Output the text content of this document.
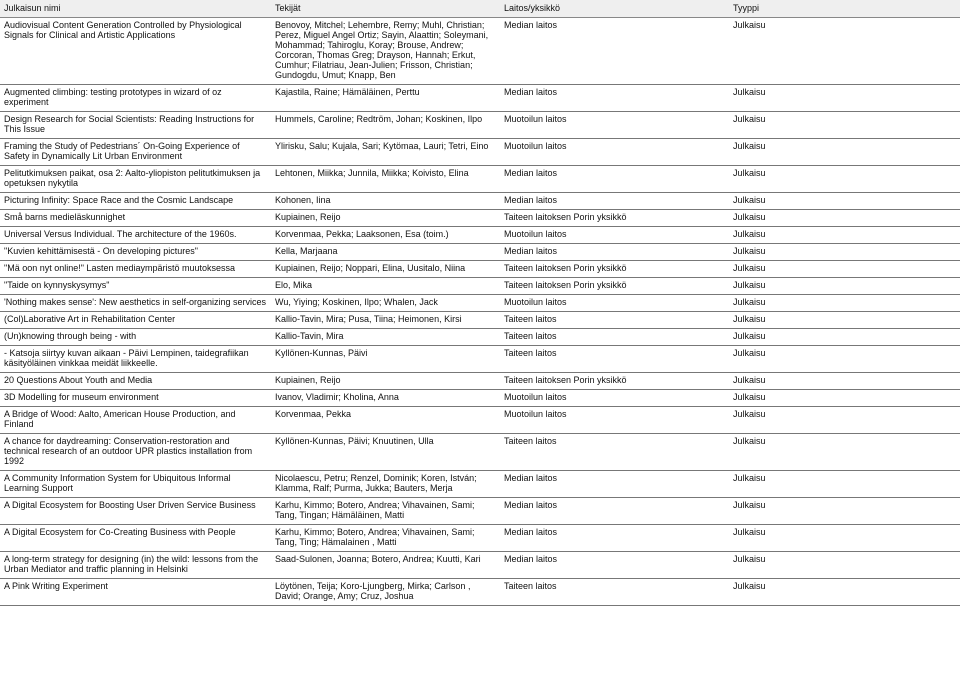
Julkaisun nimi	Tekijät	Laitos/yksikkö	Tyyppi
Audiovisual Content Generation Controlled by Physiological Signals for Clinical and Artistic Applications	Benovoy, Mitchel; Lehembre, Remy; Muhl, Christian; Perez, Miguel Angel Ortiz; Sayin, Alaattin; Soleymani, Mohammad; Tahiroglu, Koray; Brouse, Andrew; Corcoran, Thomas Greg; Drayson, Hannah; Erkut, Cumhur; Filatriau, Jean-Julien; Frisson, Christian; Gundogdu, Umut; Knapp, Ben	Median laitos	Julkaisu
Augmented climbing: testing prototypes in wizard of oz experiment	Kajastila, Raine; Hämäläinen, Perttu	Median laitos	Julkaisu
Design Research for Social Scientists: Reading Instructions for This Issue	Hummels, Caroline; Redtröm, Johan; Koskinen, Ilpo	Muotoilun laitos	Julkaisu
Framing the Study of Pedestrians´ On-Going Experience of Safety in Dynamically Lit Urban Environment	Ylirisku, Salu; Kujala, Sari; Kytömaa, Lauri; Tetri, Eino	Muotoilun laitos	Julkaisu
Pelitutkimuksen paikat, osa 2: Aalto-yliopiston pelitutkimuksen ja opetuksen nykytila	Lehtonen, Miikka; Junnila, Miikka; Koivisto, Elina	Median laitos	Julkaisu
Picturing Infinity: Space Race and the Cosmic Landscape	Kohonen, Iina	Median laitos	Julkaisu
Små barns medieläskunnighet	Kupiainen, Reijo	Taiteen laitoksen Porin yksikkö	Julkaisu
Universal Versus Individual. The architecture of the 1960s.	Korvenmaa, Pekka; Laaksonen, Esa (toim.)	Muotoilun laitos	Julkaisu
"Kuvien kehittämisestä - On developing pictures"	Kella, Marjaana	Median laitos	Julkaisu
"Mä oon nyt online!" Lasten mediaympäristö muutoksessa	Kupiainen, Reijo; Noppari, Elina, Uusitalo, Niina	Taiteen laitoksen Porin yksikkö	Julkaisu
"Taide on kynnyskysymys"	Elo, Mika	Taiteen laitoksen Porin yksikkö	Julkaisu
'Nothing makes sense': New aesthetics in self-organizing services	Wu, Yiying; Koskinen, Ilpo; Whalen, Jack	Muotoilun laitos	Julkaisu
(Col)Laborative Art in Rehabilitation Center	Kallio-Tavin, Mira; Pusa, Tiina; Heimonen, Kirsi	Taiteen laitos	Julkaisu
(Un)knowing through being - with	Kallio-Tavin, Mira	Taiteen laitos	Julkaisu
- Katsoja siirtyy kuvan aikaan - Päivi Lempinen, taidegrafiikan käsityöläinen vinkkaa meidät liikkeelle.	Kyllönen-Kunnas, Päivi	Taiteen laitos	Julkaisu
20 Questions About Youth and Media	Kupiainen, Reijo	Taiteen laitoksen Porin yksikkö	Julkaisu
3D Modelling for museum environment	Ivanov, Vladimir; Kholina, Anna	Muotoilun laitos	Julkaisu
A Bridge of Wood: Aalto, American House Production, and Finland	Korvenmaa, Pekka	Muotoilun laitos	Julkaisu
A chance for daydreaming: Conservation-restoration and technical research of an outdoor UPR plastics installation from 1992	Kyllönen-Kunnas, Päivi; Knuutinen, Ulla	Taiteen laitos	Julkaisu
A Community Information System for Ubiquitous Informal Learning Support	Nicolaescu, Petru; Renzel, Dominik; Koren, István; Klamma, Ralf; Purma, Jukka; Bauters, Merja	Median laitos	Julkaisu
A Digital Ecosystem for Boosting User Driven Service Business	Karhu, Kimmo; Botero, Andrea; Vihavainen, Sami; Tang, Tingan; Hämäläinen, Matti	Median laitos	Julkaisu
A Digital Ecosystem for Co-Creating Business with People	Karhu, Kimmo; Botero, Andrea; Vihavainen, Sami; Tang, Ting; Hämalainen , Matti	Median laitos	Julkaisu
A long-term strategy for designing (in) the wild: lessons from the Urban Mediator and traffic planning in Helsinki	Saad-Sulonen, Joanna; Botero, Andrea; Kuutti, Kari	Median laitos	Julkaisu
A Pink Writing Experiment	Löytönen, Teija; Koro-Ljungberg, Mirka; Carlson , David; Orange, Amy; Cruz, Joshua	Taiteen laitos	Julkaisu
